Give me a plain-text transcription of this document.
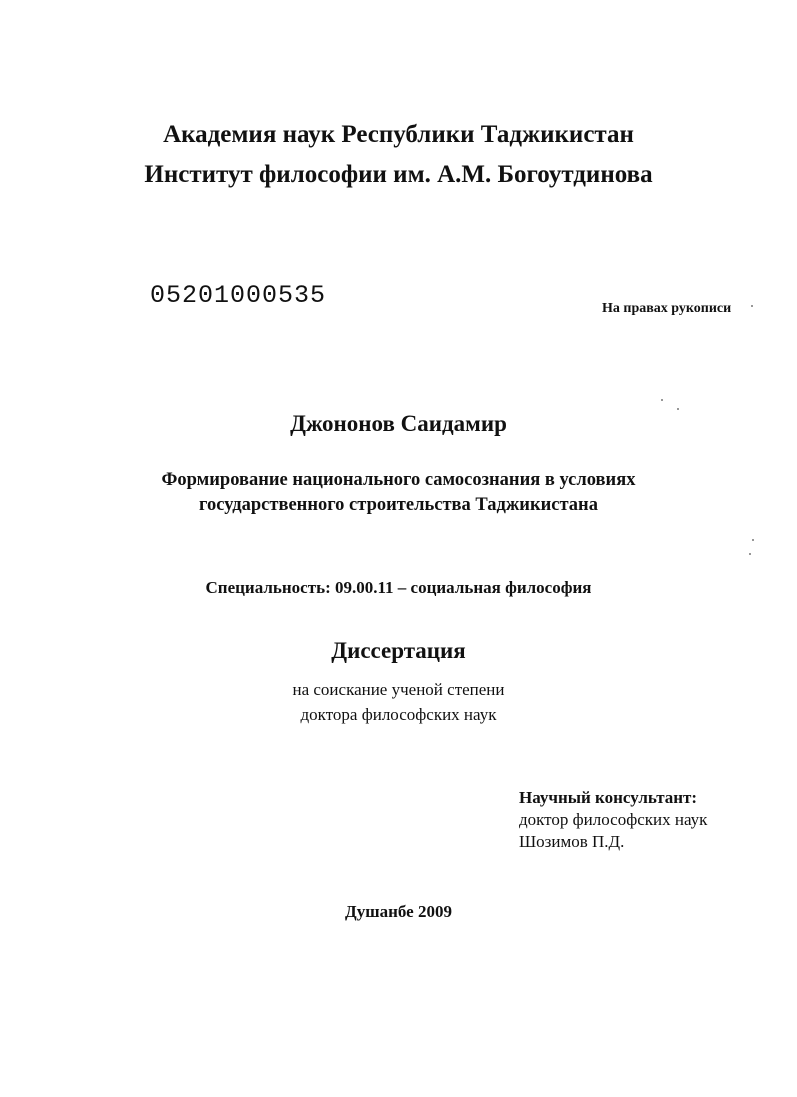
Академия наук Республики Таджикистан

Институт философии им. А.М. Богоутдинова

05201000535	На правах рукописи

Джононов Саидамир

Формирование национального самосознания в условиях

государственного строительства Таджикистана

Специальность: 09.00.11 – социальная философия

Диссертация

на соискание ученой степени

доктора философских наук

Научный консультант:
доктор философских наук
Шозимов П.Д.

Душанбе 2009
